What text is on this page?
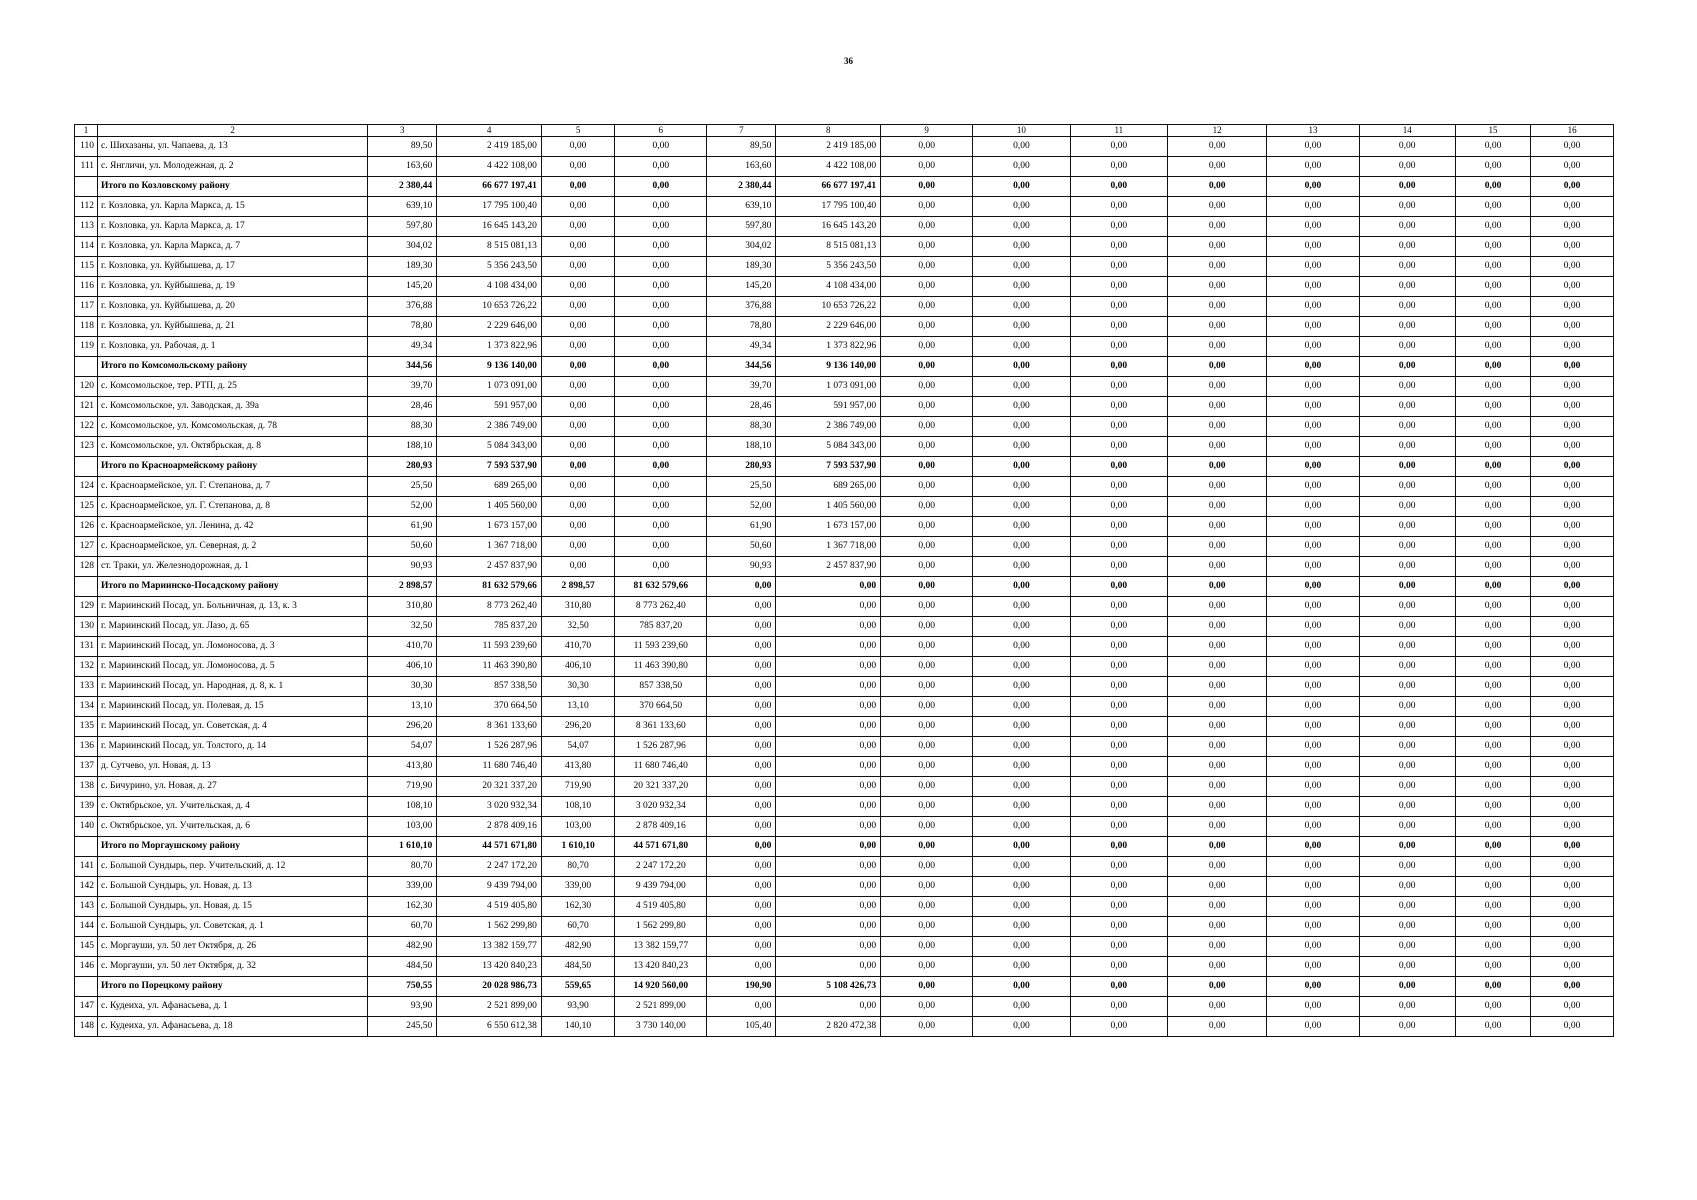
36
1	2	3	4	5	6	7	8	9	10	11	12	13	14	15	16
110	с. Шихазаны, ул. Чапаева, д. 13	89,50	2 419 185,00	0,00	0,00	89,50	2 419 185,00	0,00	0,00	0,00	0,00	0,00	0,00	0,00	0,00
111	с. Янгличи, ул. Молодежная, д. 2	163,60	4 422 108,00	0,00	0,00	163,60	4 422 108,00	0,00	0,00	0,00	0,00	0,00	0,00	0,00	0,00
	Итого по Козловскому району	2 380,44	66 677 197,41	0,00	0,00	2 380,44	66 677 197,41	0,00	0,00	0,00	0,00	0,00	0,00	0,00	0,00
112	г. Козловка, ул. Карла Маркса, д. 15	639,10	17 795 100,40	0,00	0,00	639,10	17 795 100,40	0,00	0,00	0,00	0,00	0,00	0,00	0,00	0,00
113	г. Козловка, ул. Карла Маркса, д. 17	597,80	16 645 143,20	0,00	0,00	597,80	16 645 143,20	0,00	0,00	0,00	0,00	0,00	0,00	0,00	0,00
114	г. Козловка, ул. Карла Маркса, д. 7	304,02	8 515 081,13	0,00	0,00	304,02	8 515 081,13	0,00	0,00	0,00	0,00	0,00	0,00	0,00	0,00
115	г. Козловка, ул. Куйбышева, д. 17	189,30	5 356 243,50	0,00	0,00	189,30	5 356 243,50	0,00	0,00	0,00	0,00	0,00	0,00	0,00	0,00
116	г. Козловка, ул. Куйбышева, д. 19	145,20	4 108 434,00	0,00	0,00	145,20	4 108 434,00	0,00	0,00	0,00	0,00	0,00	0,00	0,00	0,00
117	г. Козловка, ул. Куйбышева, д. 20	376,88	10 653 726,22	0,00	0,00	376,88	10 653 726,22	0,00	0,00	0,00	0,00	0,00	0,00	0,00	0,00
118	г. Козловка, ул. Куйбышева, д. 21	78,80	2 229 646,00	0,00	0,00	78,80	2 229 646,00	0,00	0,00	0,00	0,00	0,00	0,00	0,00	0,00
119	г. Козловка, ул. Рабочая, д. 1	49,34	1 373 822,96	0,00	0,00	49,34	1 373 822,96	0,00	0,00	0,00	0,00	0,00	0,00	0,00	0,00
	Итого по Комсомольскому району	344,56	9 136 140,00	0,00	0,00	344,56	9 136 140,00	0,00	0,00	0,00	0,00	0,00	0,00	0,00	0,00
120	с. Комсомольское, тер. РТП, д. 25	39,70	1 073 091,00	0,00	0,00	39,70	1 073 091,00	0,00	0,00	0,00	0,00	0,00	0,00	0,00	0,00
121	с. Комсомольское, ул. Заводская, д. 39а	28,46	591 957,00	0,00	0,00	28,46	591 957,00	0,00	0,00	0,00	0,00	0,00	0,00	0,00	0,00
122	с. Комсомольское, ул. Комсомольская, д. 78	88,30	2 386 749,00	0,00	0,00	88,30	2 386 749,00	0,00	0,00	0,00	0,00	0,00	0,00	0,00	0,00
123	с. Комсомольское, ул. Октябрьская, д. 8	188,10	5 084 343,00	0,00	0,00	188,10	5 084 343,00	0,00	0,00	0,00	0,00	0,00	0,00	0,00	0,00
	Итого по Красноармейскому району	280,93	7 593 537,90	0,00	0,00	280,93	7 593 537,90	0,00	0,00	0,00	0,00	0,00	0,00	0,00	0,00
124	с. Красноармейское, ул. Г. Степанова, д. 7	25,50	689 265,00	0,00	0,00	25,50	689 265,00	0,00	0,00	0,00	0,00	0,00	0,00	0,00	0,00
125	с. Красноармейское, ул. Г. Степанова, д. 8	52,00	1 405 560,00	0,00	0,00	52,00	1 405 560,00	0,00	0,00	0,00	0,00	0,00	0,00	0,00	0,00
126	с. Красноармейское, ул. Ленина, д. 42	61,90	1 673 157,00	0,00	0,00	61,90	1 673 157,00	0,00	0,00	0,00	0,00	0,00	0,00	0,00	0,00
127	с. Красноармейское, ул. Северная, д. 2	50,60	1 367 718,00	0,00	0,00	50,60	1 367 718,00	0,00	0,00	0,00	0,00	0,00	0,00	0,00	0,00
128	ст. Траки, ул. Железнодорожная, д. 1	90,93	2 457 837,90	0,00	0,00	90,93	2 457 837,90	0,00	0,00	0,00	0,00	0,00	0,00	0,00	0,00
	Итого по Мариинско-Посадскому району	2 898,57	81 632 579,66	2 898,57	81 632 579,66	0,00	0,00	0,00	0,00	0,00	0,00	0,00	0,00	0,00	0,00
129	г. Мариинский Посад, ул. Больничная, д. 13, к. 3	310,80	8 773 262,40	310,80	8 773 262,40	0,00	0,00	0,00	0,00	0,00	0,00	0,00	0,00	0,00	0,00
130	г. Мариинский Посад, ул. Лазо, д. 65	32,50	785 837,20	32,50	785 837,20	0,00	0,00	0,00	0,00	0,00	0,00	0,00	0,00	0,00	0,00
131	г. Мариинский Посад, ул. Ломоносова, д. 3	410,70	11 593 239,60	410,70	11 593 239,60	0,00	0,00	0,00	0,00	0,00	0,00	0,00	0,00	0,00	0,00
132	г. Мариинский Посад, ул. Ломоносова, д. 5	406,10	11 463 390,80	406,10	11 463 390,80	0,00	0,00	0,00	0,00	0,00	0,00	0,00	0,00	0,00	0,00
133	г. Мариинский Посад, ул. Народная, д. 8, к. 1	30,30	857 338,50	30,30	857 338,50	0,00	0,00	0,00	0,00	0,00	0,00	0,00	0,00	0,00	0,00
134	г. Мариинский Посад, ул. Полевая, д. 15	13,10	370 664,50	13,10	370 664,50	0,00	0,00	0,00	0,00	0,00	0,00	0,00	0,00	0,00	0,00
135	г. Мариинский Посад, ул. Советская, д. 4	296,20	8 361 133,60	296,20	8 361 133,60	0,00	0,00	0,00	0,00	0,00	0,00	0,00	0,00	0,00	0,00
136	г. Мариинский Посад, ул. Толстого, д. 14	54,07	1 526 287,96	54,07	1 526 287,96	0,00	0,00	0,00	0,00	0,00	0,00	0,00	0,00	0,00	0,00
137	д. Сутчево, ул. Новая, д. 13	413,80	11 680 746,40	413,80	11 680 746,40	0,00	0,00	0,00	0,00	0,00	0,00	0,00	0,00	0,00	0,00
138	с. Бичурино, ул. Новая, д. 27	719,90	20 321 337,20	719,90	20 321 337,20	0,00	0,00	0,00	0,00	0,00	0,00	0,00	0,00	0,00	0,00
139	с. Октябрьское, ул. Учительская, д. 4	108,10	3 020 932,34	108,10	3 020 932,34	0,00	0,00	0,00	0,00	0,00	0,00	0,00	0,00	0,00	0,00
140	с. Октябрьское, ул. Учительская, д. 6	103,00	2 878 409,16	103,00	2 878 409,16	0,00	0,00	0,00	0,00	0,00	0,00	0,00	0,00	0,00	0,00
	Итого по Моргаушскому району	1 610,10	44 571 671,80	1 610,10	44 571 671,80	0,00	0,00	0,00	0,00	0,00	0,00	0,00	0,00	0,00	0,00
141	с. Большой Сундырь, пер. Учительский, д. 12	80,70	2 247 172,20	80,70	2 247 172,20	0,00	0,00	0,00	0,00	0,00	0,00	0,00	0,00	0,00	0,00
142	с. Большой Сундырь, ул. Новая, д. 13	339,00	9 439 794,00	339,00	9 439 794,00	0,00	0,00	0,00	0,00	0,00	0,00	0,00	0,00	0,00	0,00
143	с. Большой Сундырь, ул. Новая, д. 15	162,30	4 519 405,80	162,30	4 519 405,80	0,00	0,00	0,00	0,00	0,00	0,00	0,00	0,00	0,00	0,00
144	с. Большой Сундырь, ул. Советская, д. 1	60,70	1 562 299,80	60,70	1 562 299,80	0,00	0,00	0,00	0,00	0,00	0,00	0,00	0,00	0,00	0,00
145	с. Моргауши, ул. 50 лет Октября, д. 26	482,90	13 382 159,77	482,90	13 382 159,77	0,00	0,00	0,00	0,00	0,00	0,00	0,00	0,00	0,00	0,00
146	с. Моргауши, ул. 50 лет Октября, д. 32	484,50	13 420 840,23	484,50	13 420 840,23	0,00	0,00	0,00	0,00	0,00	0,00	0,00	0,00	0,00	0,00
	Итого по Порецкому району	750,55	20 028 986,73	559,65	14 920 560,00	190,90	5 108 426,73	0,00	0,00	0,00	0,00	0,00	0,00	0,00	0,00
147	с. Кудеиха, ул. Афанасьева, д. 1	93,90	2 521 899,00	93,90	2 521 899,00	0,00	0,00	0,00	0,00	0,00	0,00	0,00	0,00	0,00	0,00
148	с. Кудеиха, ул. Афанасьева, д. 18	245,50	6 550 612,38	140,10	3 730 140,00	105,40	2 820 472,38	0,00	0,00	0,00	0,00	0,00	0,00	0,00	0,00
